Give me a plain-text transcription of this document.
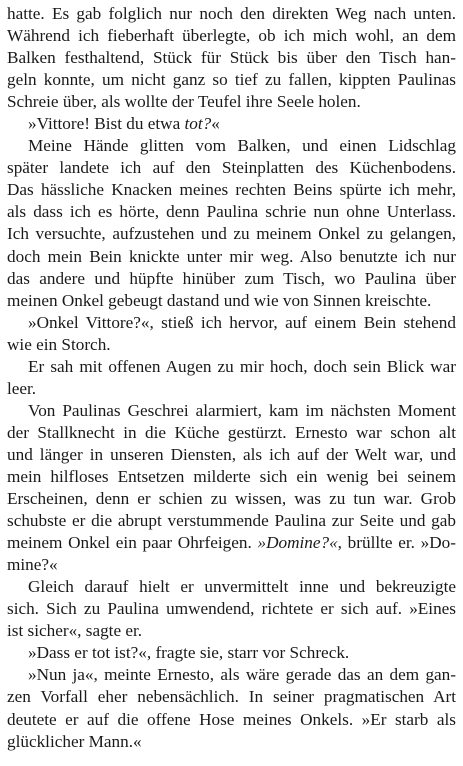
hatte. Es gab folglich nur noch den direkten Weg nach unten.
Während ich fieberhaft überlegte, ob ich mich wohl, an dem
Balken festhaltend, Stück für Stück bis über den Tisch han-
geln konnte, um nicht ganz so tief zu fallen, kippten Paulinas
Schreie über, als wollte der Teufel ihre Seele holen.
»Vittore! Bist du etwa tot?«
Meine Hände glitten vom Balken, und einen Lidschlag
später landete ich auf den Steinplatten des Küchenbodens.
Das hässliche Knacken meines rechten Beins spürte ich mehr,
als dass ich es hörte, denn Paulina schrie nun ohne Unterlass.
Ich versuchte, aufzustehen und zu meinem Onkel zu gelangen,
doch mein Bein knickte unter mir weg. Also benutzte ich nur
das andere und hüpfte hinüber zum Tisch, wo Paulina über
meinen Onkel gebeugt dastand und wie von Sinnen kreischte.
»Onkel Vittore?«, stieß ich hervor, auf einem Bein stehend
wie ein Storch.
Er sah mit offenen Augen zu mir hoch, doch sein Blick war
leer.
Von Paulinas Geschrei alarmiert, kam im nächsten Moment
der Stallknecht in die Küche gestürzt. Ernesto war schon alt
und länger in unseren Diensten, als ich auf der Welt war, und
mein hilfloses Entsetzen milderte sich ein wenig bei seinem
Erscheinen, denn er schien zu wissen, was zu tun war. Grob
schubste er die abrupt verstummende Paulina zur Seite und gab
meinem Onkel ein paar Ohrfeigen. »Domine?«, brüllte er. »Do-
mine?«
Gleich darauf hielt er unvermittelt inne und bekreuzigte
sich. Sich zu Paulina umwendend, richtete er sich auf. »Eines
ist sicher«, sagte er.
»Dass er tot ist?«, fragte sie, starr vor Schreck.
»Nun ja«, meinte Ernesto, als wäre gerade das an dem gan-
zen Vorfall eher nebensächlich. In seiner pragmatischen Art
deutete er auf die offene Hose meines Onkels. »Er starb als
glücklicher Mann.«
